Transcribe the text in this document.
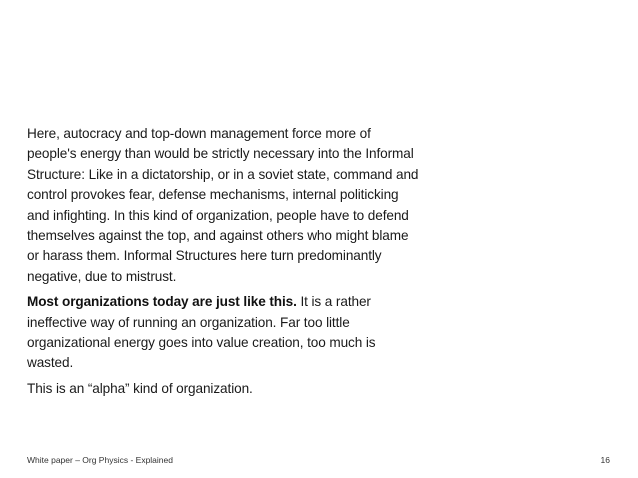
Here, autocracy and top-down management force more of people's energy than would be strictly necessary into the Informal Structure: Like in a dictatorship, or in a soviet state, command and control provokes fear, defense mechanisms, internal politicking and infighting. In this kind of organization, people have to defend themselves against the top, and against others who might blame or harass them. Informal Structures here turn predominantly negative, due to mistrust.

Most organizations today are just like this. It is a rather ineffective way of running an organization. Far too little organizational energy goes into value creation, too much is wasted.

This is an “alpha” kind of organization.

White paper – Org Physics - Explained	16
